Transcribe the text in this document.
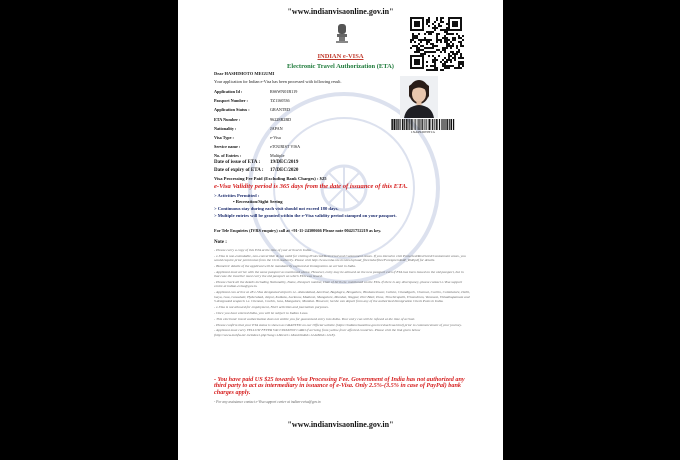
"www.indianvisaonline.gov.in"
INDIAN e-VISA
Electronic Travel Authorization (ETA)
Dear HASHIMOTO MEGUMI
Your application for Indian e-Visa has been processed with following result.
1XA9S26T0T1G
Application Id :	RS6WN01B119
Passport Number :	TZ1160536
Application Status :	GRANTED
ETA Number :	96228R2BD
Nationality :	JAPAN
Visa Type :	e-Visa
Service name :	eTOURIST VISA
No. of Entries :	Multiple
Date of issue of ETA : 19/DEC/2019
Date of expiry of ETA : 17/DEC/2020
Visa Processing Fee Paid (Excluding Bank Charges) : $25
e-Visa Validity period is 365 days from the date of issuance of this ETA.
> Activities Permitted :
• Recreation/Sight Seeing
> Continuous stay during each visit should not exceed 180 days.
> Multiple entries will be granted within the e-Visa validity period stamped on your passport.
For Tele Enquiries (IVRS enquiry) call at +91-11-24300666 Please note 00421752219 as key.
Note :
- Please carry a copy of this ETA at the time of your arrival in India.
- e-Visa is non-extendable, non-convertible & not valid for visiting Protected/Restricted and Cantonment Areas. If you intend to visit Protected/Restricted/Cantonment areas, you would require prior permission from the Civil Authority. Please visit http://www.mha.nic.in/sites/upload_files/mha/files/ForeignersRAP_PAP.pdf for details.
- Biometric details of the applicant will be mandatorily captured at Immigration on arrival in India.
- Applicant must arrive with the same passport as mentioned above. However, entry may be allowed on the new passport even if ETA has been issued on the old passport, but in that case the traveller must carry the old passport on which ETA was issued.
- Please check all the details including Nationality, Name, Passport number, Date of birth etc. mentioned on the ETA. If there is any discrepancy, please contact e-Visa support centre at indian-evisa@gov.in.
- Applicant can arrive at 28 e-Visa designated airports i.e. Ahmedabad, Amritsar, Bagdogra, Bengaluru, Bhubaneshwar, Calicut, Chandigarh, Chennai, Cochin, Coimbatore, Delhi, Gaya, Goa, Guwahati, Hyderabad, Jaipur, Kolkata, Lucknow, Madurai, Mangalore, Mumbai, Nagpur, Port Blair, Pune, Tiruchirapalli, Trivandrum, Varanasi, Vishakhapatnam and 5 designated seaports i.e. Chennai, Cochin, Goa, Mangalore, Mumbai. However, he/she can depart from any of the authorized Immigration Check Posts in India.
- e-Visa is not allowed for employment, NGO activities and journalism purposes.
- Once you have entered India, you will be subject to Indian Laws.
- This electronic travel authorization does not entitle you for guaranteed entry into India. Your entry can still be refused at the time of arrival.
- Please confirm that your ETA status is shown as GRANTED on our Official website (https://indianvisaonline.gov.in/evisa/tvoa.html) prior to commencement of your journey.
- Applicant must carry YELLOW FEVER VACCINATION CARD if arriving from yellow fever affected countries. Please visit the link given below (http://www.mohfw.nic.in/index1.php?lang=1&level=1&sublinkid=1242&lid=1218).
- You have paid US $25 towards Visa Processing Fee. Government of India has not authorized any third party to act as intermediary in issuance of e-Visa. Only 2.5%-(3.5% in case of PayPal) bank charges apply.
- For any assistance contact e-Visa support center at indian-evisa@gov.in
"www.indianvisaonline.gov.in"
